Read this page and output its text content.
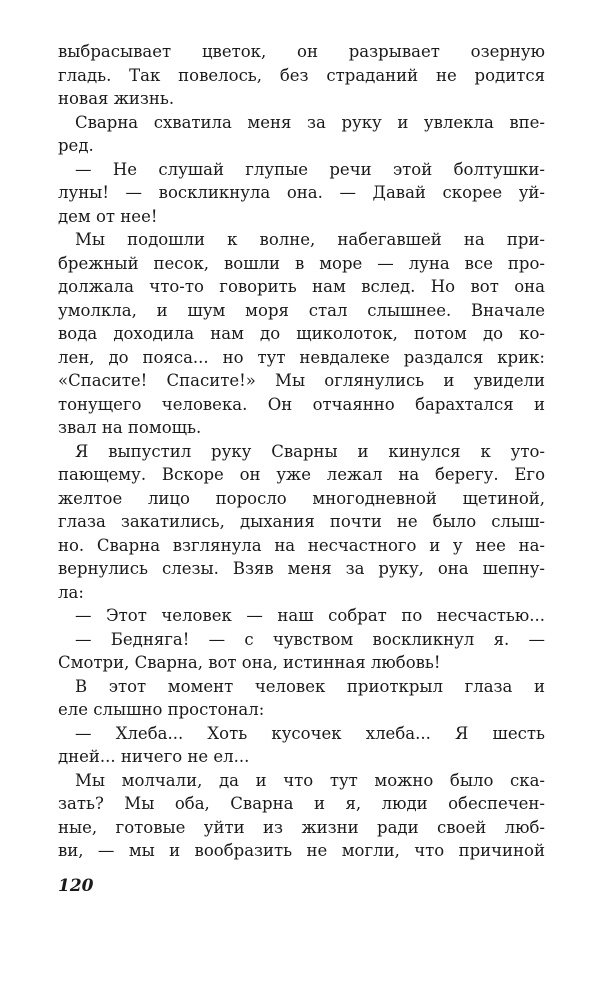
выбрасывает цветок, он разрывает озерную
гладь. Так повелось, без страданий не родится
новая жизнь.
Сварна схватила меня за руку и увлекла впе-
ред.
— Не слушай глупые речи этой болтушки-
луны! — воскликнула она. — Давай скорее уй-
дем от нее!
Мы подошли к волне, набегавшей на при-
брежный песок, вошли в море — луна все про-
должала что-то говорить нам вслед. Но вот она
умолкла, и шум моря стал слышнее. Вначале
вода доходила нам до щиколоток, потом до ко-
лен, до пояса... но тут невдалеке раздался крик:
«Спасите! Спасите!» Мы оглянулись и увидели
тонущего человека. Он отчаянно барахтался и
звал на помощь.
Я выпустил руку Сварны и кинулся к уто-
пающему. Вскоре он уже лежал на берегу. Его
желтое лицо поросло многодневной щетиной,
глаза закатились, дыхания почти не было слыш-
но. Сварна взглянула на несчастного и у нее на-
вернулись слезы. Взяв меня за руку, она шепну-
ла:
— Этот человек — наш собрат по несчастью...
— Бедняга! — с чувством воскликнул я. —
Смотри, Сварна, вот она, истинная любовь!
В этот момент человек приоткрыл глаза и
еле слышно простонал:
— Хлеба... Хоть кусочек хлеба... Я шесть
дней... ничего не ел...
Мы молчали, да и что тут можно было ска-
зать? Мы оба, Сварна и я, люди обеспечен-
ные, готовые уйти из жизни ради своей люб-
ви, — мы и вообразить не могли, что причиной
120
